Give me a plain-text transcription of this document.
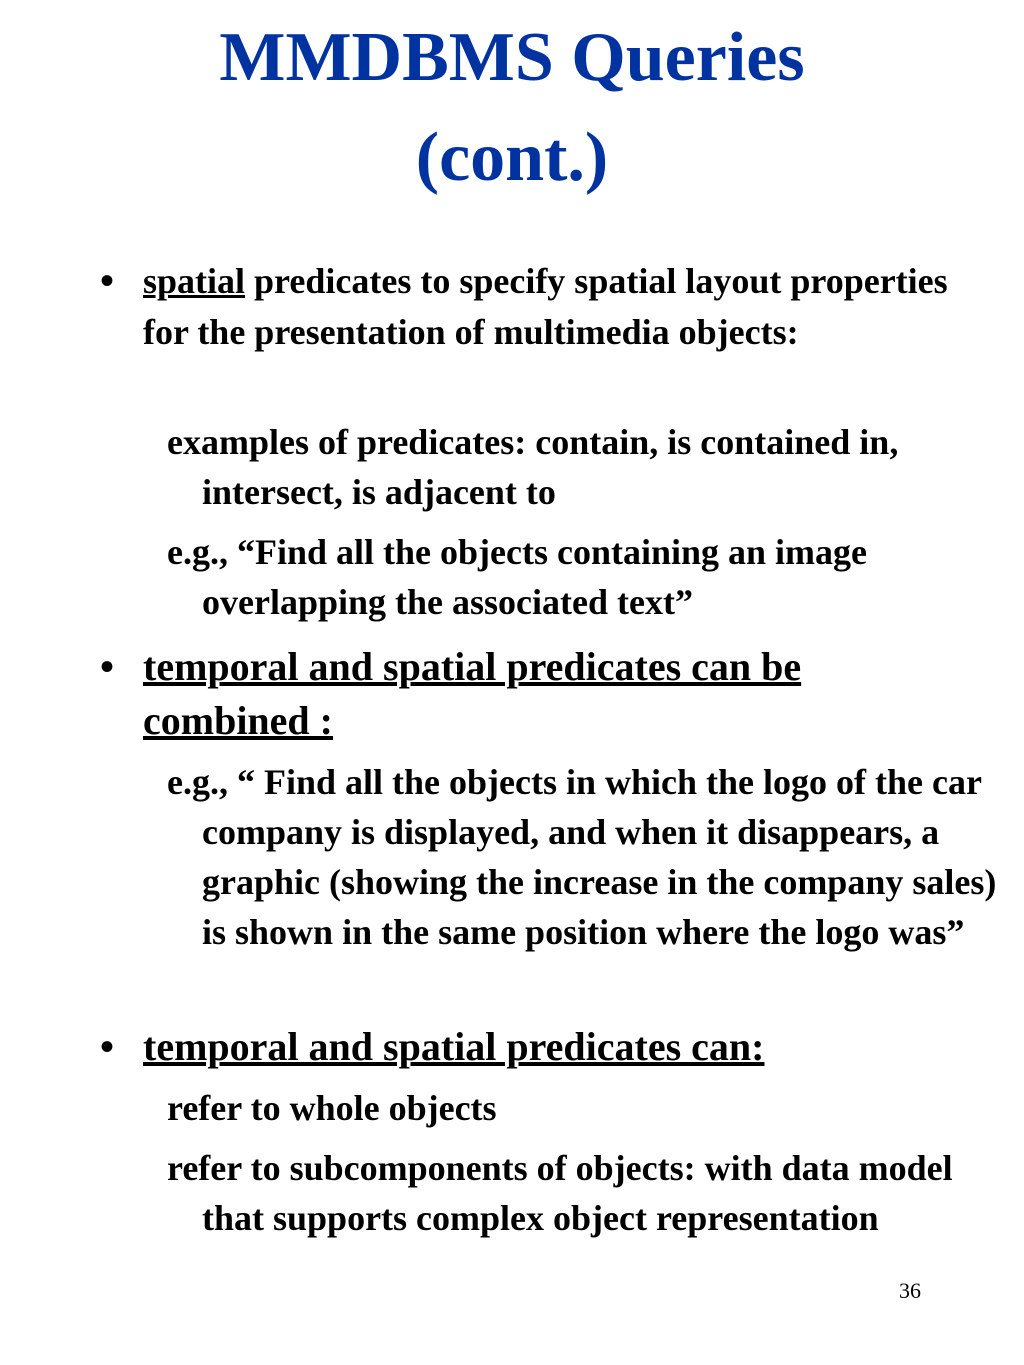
MMDBMS Queries
(cont.)
• spatial predicates to specify spatial layout properties for the presentation of multimedia objects:
examples of predicates: contain, is contained in, intersect, is adjacent to
e.g., “Find all the objects containing an image overlapping the associated text”
• temporal and spatial predicates can be combined :
e.g., “ Find all the objects in which the logo of the car company is displayed, and when it disappears, a graphic (showing the increase in the company sales) is shown in the same position where the logo was”
• temporal and spatial predicates can:
refer to whole objects
refer to subcomponents of objects: with data model that supports complex object representation
36
